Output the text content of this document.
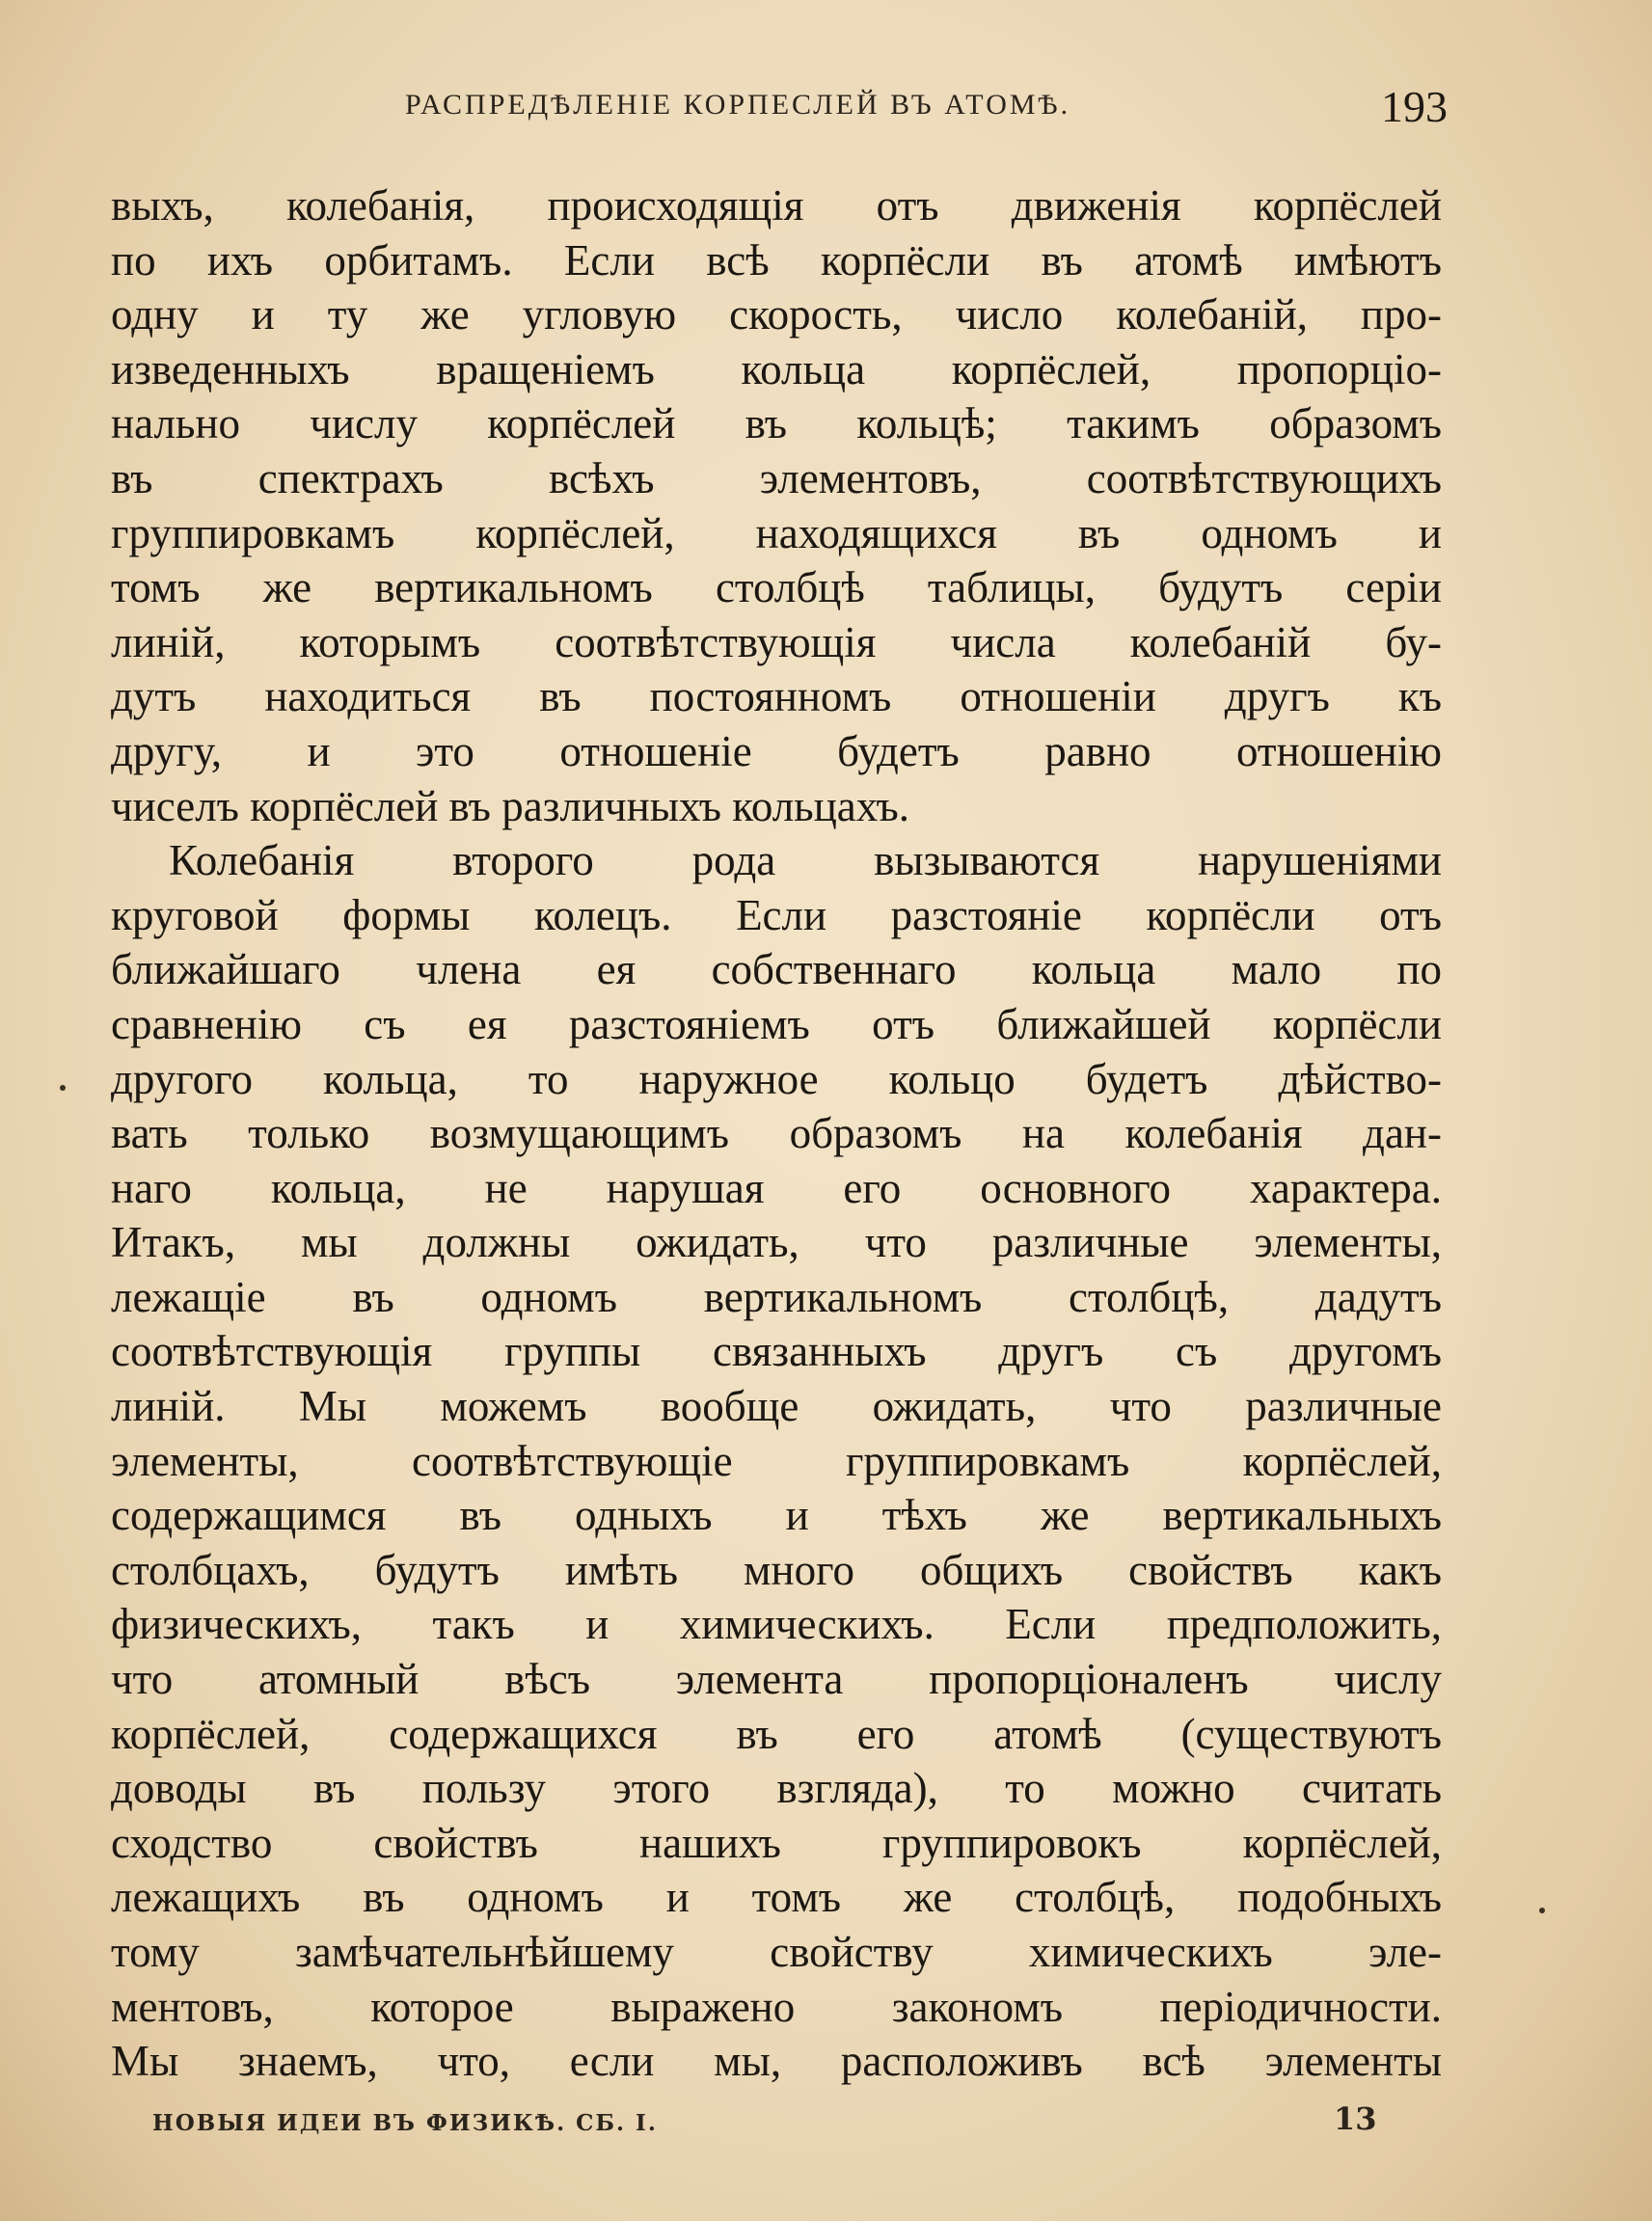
РАСПРЕДѢЛЕНІЕ КОРПЕСЛЕЙ ВЪ АТОМѢ.	193
выхъ, колебанія, происходящія отъ движенія корпёслей
по ихъ орбитамъ. Если всѣ корпёсли въ атомѣ имѣютъ
одну и ту же угловую скорость, число колебаній, про-
изведенныхъ вращеніемъ кольца корпёслей, пропорціо-
нально числу корпёслей въ кольцѣ; такимъ образомъ
въ спектрахъ всѣхъ элементовъ, соотвѣтствующихъ
группировкамъ корпёслей, находящихся въ одномъ и
томъ же вертикальномъ столбцѣ таблицы, будутъ серіи
линій, которымъ соотвѣтствующія числа колебаній бу-
дутъ находиться въ постоянномъ отношеніи другъ къ
другу, и это отношеніе будетъ равно отношенію
чиселъ корпёслей въ различныхъ кольцахъ.
Колебанія второго рода вызываются нарушеніями
круговой формы колецъ. Если разстояніе корпёсли отъ
ближайшаго члена ея собственнаго кольца мало по
сравненію съ ея разстояніемъ отъ ближайшей корпёсли
другого кольца, то наружное кольцо будетъ дѣйство-
вать только возмущающимъ образомъ на колебанія дан-
наго кольца, не нарушая его основного характера.
Итакъ, мы должны ожидать, что различные элементы,
лежащіе въ одномъ вертикальномъ столбцѣ, дадутъ
соотвѣтствующія группы связанныхъ другъ съ другомъ
линій. Мы можемъ вообще ожидать, что различные
элементы, соотвѣтствующіе группировкамъ корпёслей,
содержащимся въ одныхъ и тѣхъ же вертикальныхъ
столбцахъ, будутъ имѣть много общихъ свойствъ какъ
физическихъ, такъ и химическихъ. Если предположить,
что атомный вѣсъ элемента пропорціоналенъ числу
корпёслей, содержащихся въ его атомѣ (существуютъ
доводы въ пользу этого взгляда), то можно считать
сходство свойствъ нашихъ группировокъ корпёслей,
лежащихъ въ одномъ и томъ же столбцѣ, подобныхъ
тому замѣчательнѣйшему свойству химическихъ эле-
ментовъ, которое выражено закономъ періодичности.
Мы знаемъ, что, если мы, расположивъ всѣ элементы
НОВЫЯ ИДЕИ ВЪ ФИЗИКѢ. СБ. I.	13
